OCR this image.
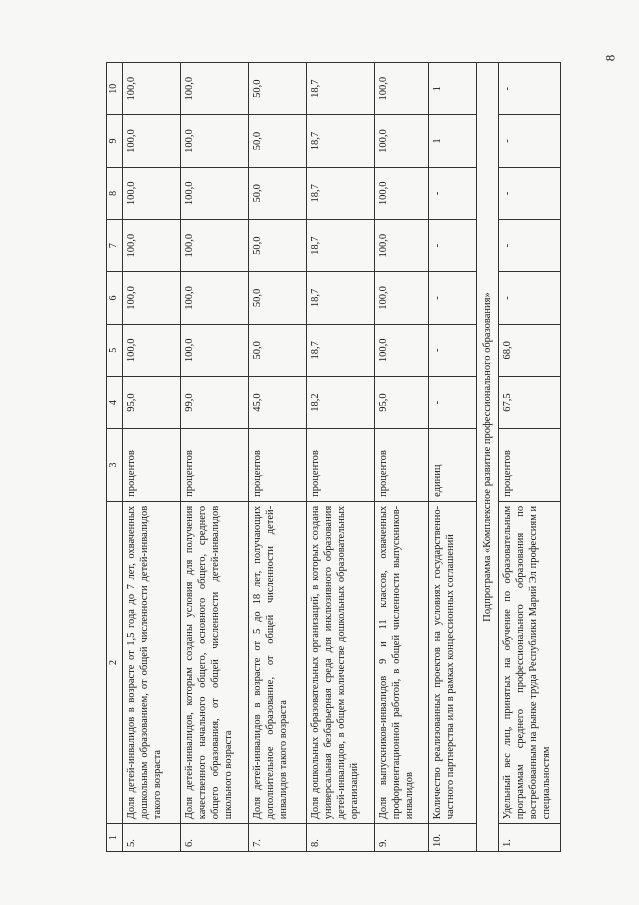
8
1	2	3	4	5	6	7	8	9	10
5.	Доля детей-инвалидов в возрасте от 1,5 года до 7 лет, охваченных дошкольным образованием, от общей численности детей-инвалидов такого возраста	процентов	95,0	100,0	100,0	100,0	100,0	100,0	100,0
6.	Доля детей-инвалидов, которым созданы условия для получения качественного начального общего, основного общего, среднего общего образования, от общей численности детей-инвалидов школьного возраста	процентов	99,0	100,0	100,0	100,0	100,0	100,0	100,0
7.	Доля детей-инвалидов в возрасте от 5 до 18 лет, получающих дополнительное образование, от общей численности детей-инвалидов такого возраста	процентов	45,0	50,0	50,0	50,0	50,0	50,0	50,0
8.	Доля дошкольных образовательных организаций, в которых создана универсальная безбарьерная среда для инклюзивного образования детей-инвалидов, в общем количестве дошкольных образовательных организаций	процентов	18,2	18,7	18,7	18,7	18,7	18,7	18,7
9.	Доля выпускников-инвалидов 9 и 11 классов, охваченных профориентационной работой, в общей численности выпускников-инвалидов	процентов	95,0	100,0	100,0	100,0	100,0	100,0	100,0
10.	Количество реализованных проектов на условиях государственно-частного партнерства или в рамках концессионных соглашений	единиц	-	-	-	-	-	1	1
Подпрограмма «Комплексное развитие профессионального образования»									
1.	Удельный вес лиц, принятых на обучение по образовательным программам среднего профессионального образования по востребованным на рынке труда Республики Марий Эл профессиям и специальностям	процентов	67,5	68,0	-	-	-	-	-
